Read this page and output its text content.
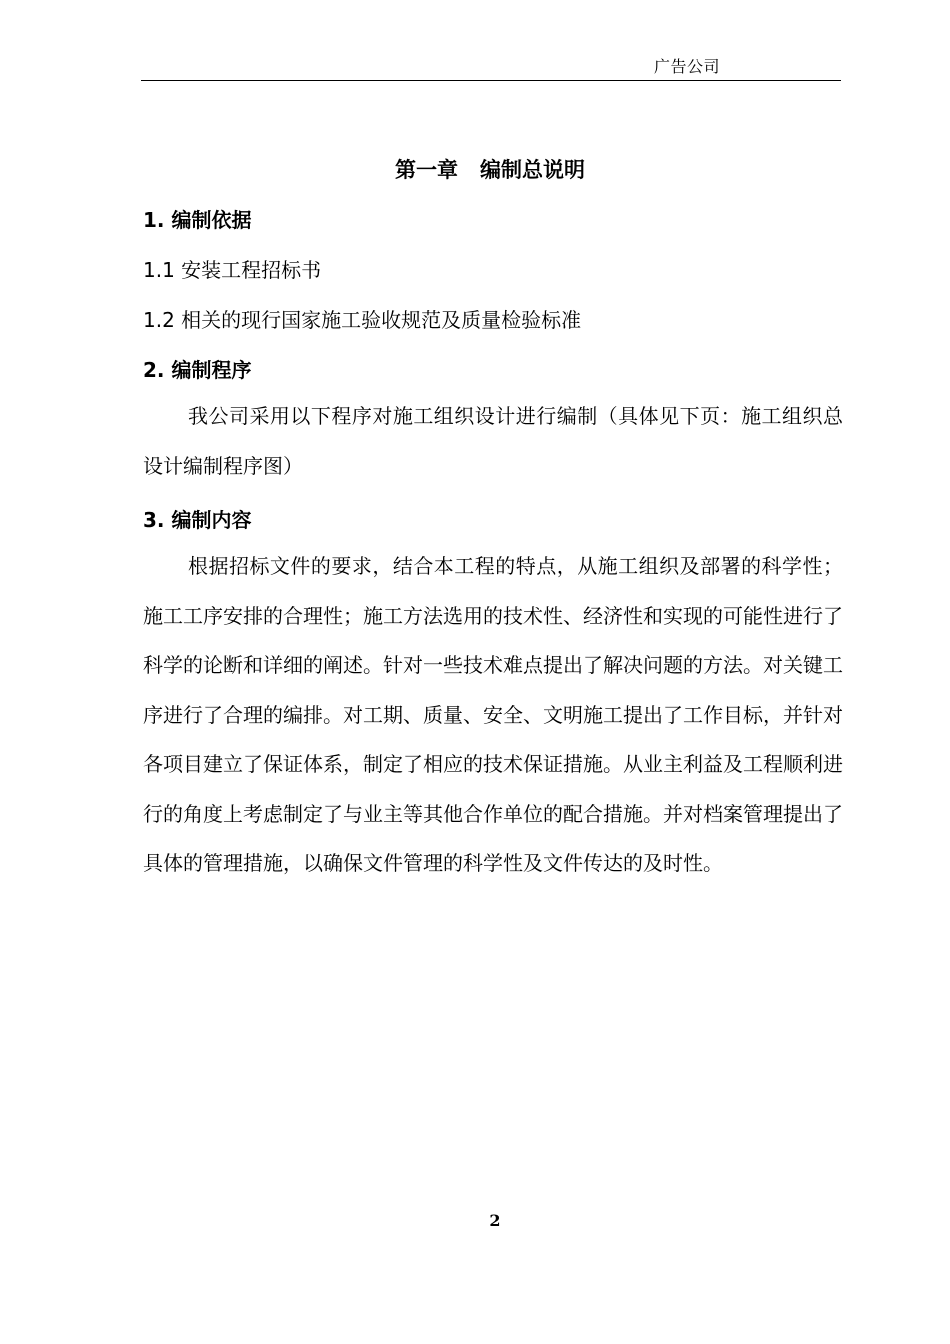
广告公司
第一章   编制总说明
1. 编制依据
1.1 安装工程招标书
1.2 相关的现行国家施工验收规范及质量检验标准
2. 编制程序

我公司采用以下程序对施工组织设计进行编制（具体见下页：施工组织总设计编制程序图）

3. 编制内容

根据招标文件的要求，结合本工程的特点，从施工组织及部署的科学性；施工工序安排的合理性；施工方法选用的技术性、经济性和实现的可能性进行了科学的论断和详细的阐述。针对一些技术难点提出了解决问题的方法。对关键工序进行了合理的编排。对工期、质量、安全、文明施工提出了工作目标，并针对各项目建立了保证体系，制定了相应的技术保证措施。从业主利益及工程顺利进行的角度上考虑制定了与业主等其他合作单位的配合措施。并对档案管理提出了具体的管理措施，以确保文件管理的科学性及文件传达的及时性。

2
